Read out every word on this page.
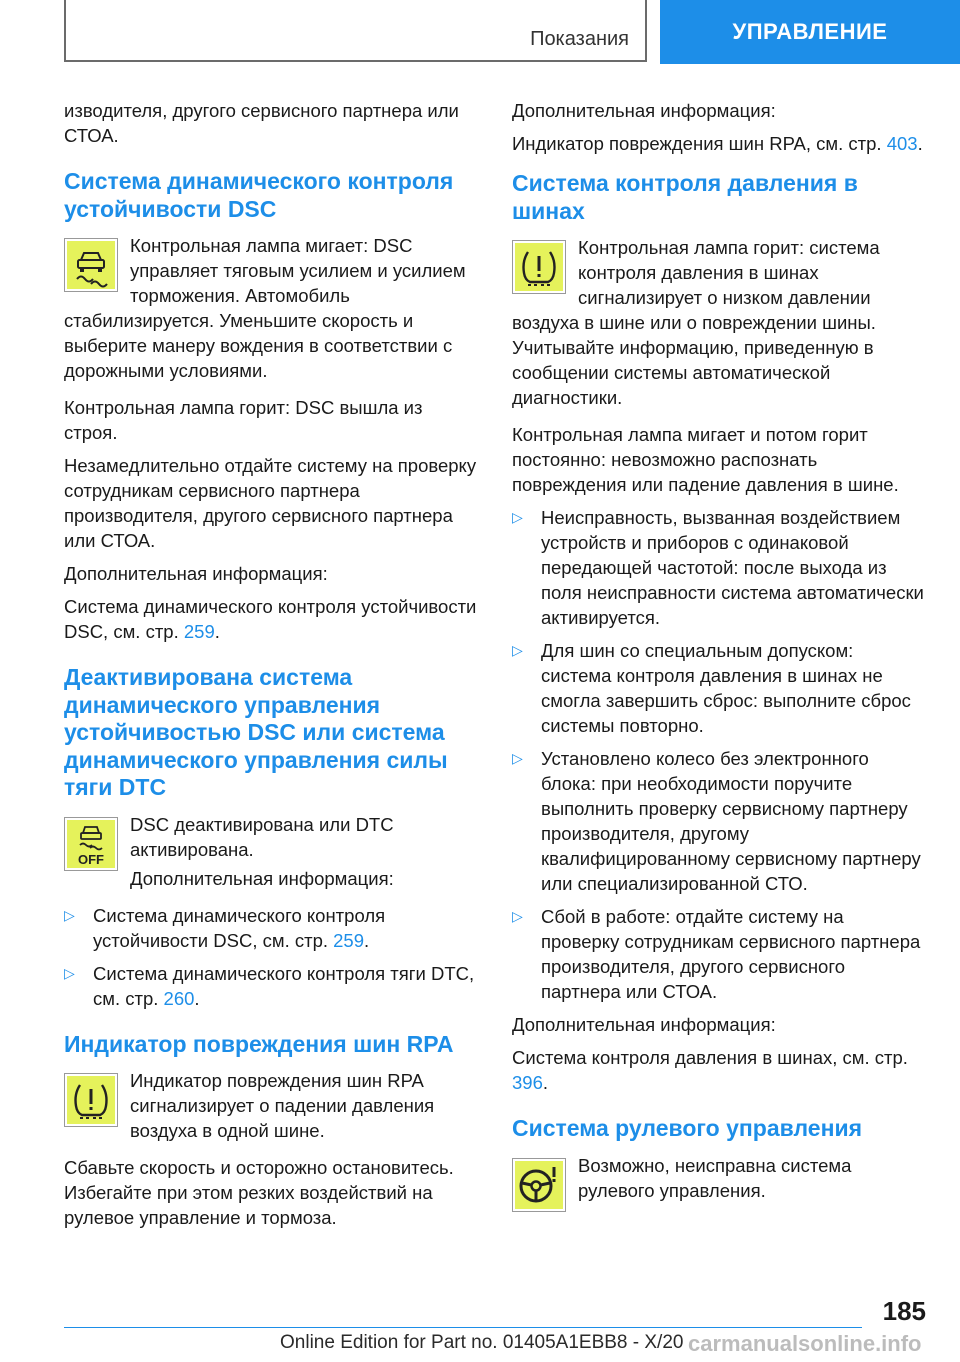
Показания	УПРАВЛЕНИЕ

изводителя, другого сервисного партнера или СТОА.

Система динамического контроля устойчивости DSC

Контрольная лампа мигает: DSC управляет тяговым усилием и усилием торможения. Автомобиль стабилизируется. Уменьшите скорость и выберите манеру вождения в соответствии с дорожными условиями.

Контрольная лампа горит: DSC вышла из строя.

Незамедлительно отдайте систему на проверку сотрудникам сервисного партнера производителя, другого сервисного партнера или СТОА.

Дополнительная информация:

Система динамического контроля устойчивости DSC, см. стр. 259.

Деактивирована система динамического управления устойчивостью DSC или система динамического управления силы тяги DTC
OFF

DSC деактивирована или DTC активирована.

Дополнительная информация:

▷ Система динамического контроля устойчивости DSC, см. стр. 259.
▷ Система динамического контроля тяги DTC, см. стр. 260.
Индикатор повреждения шин RPA

Индикатор повреждения шин RPA сигнализирует о падении давления воздуха в одной шине.

Сбавьте скорость и осторожно остановитесь. Избегайте при этом резких воздействий на рулевое управление и тормоза.

Дополнительная информация:

Индикатор повреждения шин RPA, см. стр. 403.

Система контроля давления в шинах

Контрольная лампа горит: система контроля давления в шинах сигнализирует о низком давлении воздуха в шине или о повреждении шины. Учитывайте информацию, приведенную в сообщении системы автоматической диагностики.

Контрольная лампа мигает и потом горит постоянно: невозможно распознать повреждения или падение давления в шине.

▷ Неисправность, вызванная воздействием устройств и приборов с одинаковой передающей частотой: после выхода из поля неисправности система автоматически активируется.
▷ Для шин со специальным допуском: система контроля давления в шинах не смогла завершить сброс: выполните сброс системы повторно.
▷ Установлено колесо без электронного блока: при необходимости поручите выполнить проверку сервисному партнеру производителя, другому квалифицированному сервисному партнеру или специализированной СТО.
▷ Сбой в работе: отдайте систему на проверку сотрудникам сервисного партнера производителя, другого сервисного партнера или СТОА.

Дополнительная информация:

Система контроля давления в шинах, см. стр. 396.

Система рулевого управления

Возможно, неисправна система рулевого управления.

185
Online Edition for Part no. 01405A1EBB8 - X/20 carmanualsonline.info
